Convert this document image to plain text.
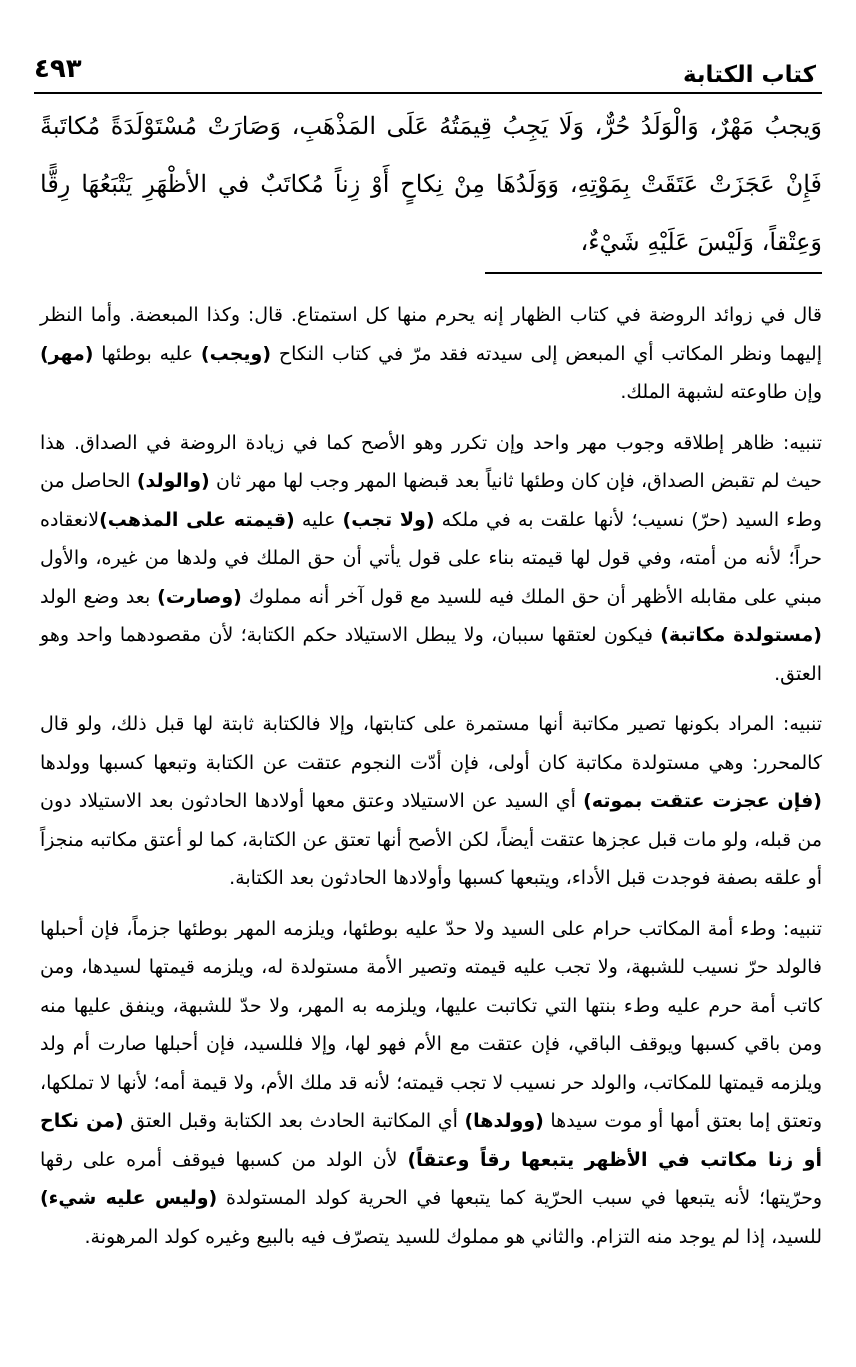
كتاب الكتابة
٤٩٣
وَيجبُ مَهْرٌ، وَالْوَلَدُ حُرٌّ، وَلَا يَجِبُ قِيمَتُهُ عَلَى المَذْهَبِ، وَصَارَتْ مُسْتَوْلَدَةً مُكاتَبةً فَإِنْ عَجَزَتْ عَتَقَتْ بِمَوْتِهِ، وَوَلَدُهَا مِنْ نِكاحٍ أَوْ زِناً مُكاتَبٌ في الأظْهَرِ يَتْبَعُهَا رِقًّا وَعِتْقاً، وَلَيْسَ عَلَيْهِ شَيْءٌ،

قال في زوائد الروضة في كتاب الظهار إنه يحرم منها كل استمتاع. قال: وكذا المبعضة. وأما النظر إليهما ونظر المكاتب أي المبعض إلى سيدته فقد مرّ في كتاب النكاح (ويجب) عليه بوطئها (مهر) وإن طاوعته لشبهة الملك.

تنبيه: ظاهر إطلاقه وجوب مهر واحد وإن تكرر وهو الأصح كما في زيادة الروضة في الصداق. هذا حيث لم تقبض الصداق، فإن كان وطئها ثانياً بعد قبضها المهر وجب لها مهر ثان (والولد) الحاصل من وطء السيد (حرّ) نسيب؛ لأنها علقت به في ملكه (ولا تجب) عليه (قيمته على المذهب)لانعقاده حراً؛ لأنه من أمته، وفي قول لها قيمته بناء على قول يأتي أن حق الملك في ولدها من غيره، والأول مبني على مقابله الأظهر أن حق الملك فيه للسيد مع قول آخر أنه مملوك (وصارت) بعد وضع الولد (مستولدة مكاتبة) فيكون لعتقها سببان، ولا يبطل الاستيلاد حكم الكتابة؛ لأن مقصودهما واحد وهو العتق.

تنبيه: المراد بكونها تصير مكاتبة أنها مستمرة على كتابتها، وإلا فالكتابة ثابتة لها قبل ذلك، ولو قال كالمحرر: وهي مستولدة مكاتبة كان أولى، فإن أدّت النجوم عتقت عن الكتابة وتبعها كسبها وولدها (فإن عجزت عتقت بموته) أي السيد عن الاستيلاد وعتق معها أولادها الحادثون بعد الاستيلاد دون من قبله، ولو مات قبل عجزها عتقت أيضاً، لكن الأصح أنها تعتق عن الكتابة، كما لو أعتق مكاتبه منجزاً أو علقه بصفة فوجدت قبل الأداء، ويتبعها كسبها وأولادها الحادثون بعد الكتابة.

تنبيه: وطء أمة المكاتب حرام على السيد ولا حدّ عليه بوطئها، ويلزمه المهر بوطئها جزماً، فإن أحبلها فالولد حرّ نسيب للشبهة، ولا تجب عليه قيمته وتصير الأمة مستولدة له، ويلزمه قيمتها لسيدها، ومن كاتب أمة حرم عليه وطء بنتها التي تكاتبت عليها، ويلزمه به المهر، ولا حدّ للشبهة، وينفق عليها منه ومن باقي كسبها ويوقف الباقي، فإن عتقت مع الأم فهو لها، وإلا فللسيد، فإن أحبلها صارت أم ولد ويلزمه قيمتها للمكاتب، والولد حر نسيب لا تجب قيمته؛ لأنه قد ملك الأم، ولا قيمة أمه؛ لأنها لا تملكها، وتعتق إما بعتق أمها أو موت سيدها (وولدها) أي المكاتبة الحادث بعد الكتابة وقبل العتق (من نكاح أو زنا مكاتب في الأظهر يتبعها رقاً وعتقاً) لأن الولد من كسبها فيوقف أمره على رقها وحرّيتها؛ لأنه يتبعها في سبب الحرّية كما يتبعها في الحرية كولد المستولدة (وليس عليه شيء) للسيد، إذا لم يوجد منه التزام. والثاني هو مملوك للسيد يتصرّف فيه بالبيع وغيره كولد المرهونة.
